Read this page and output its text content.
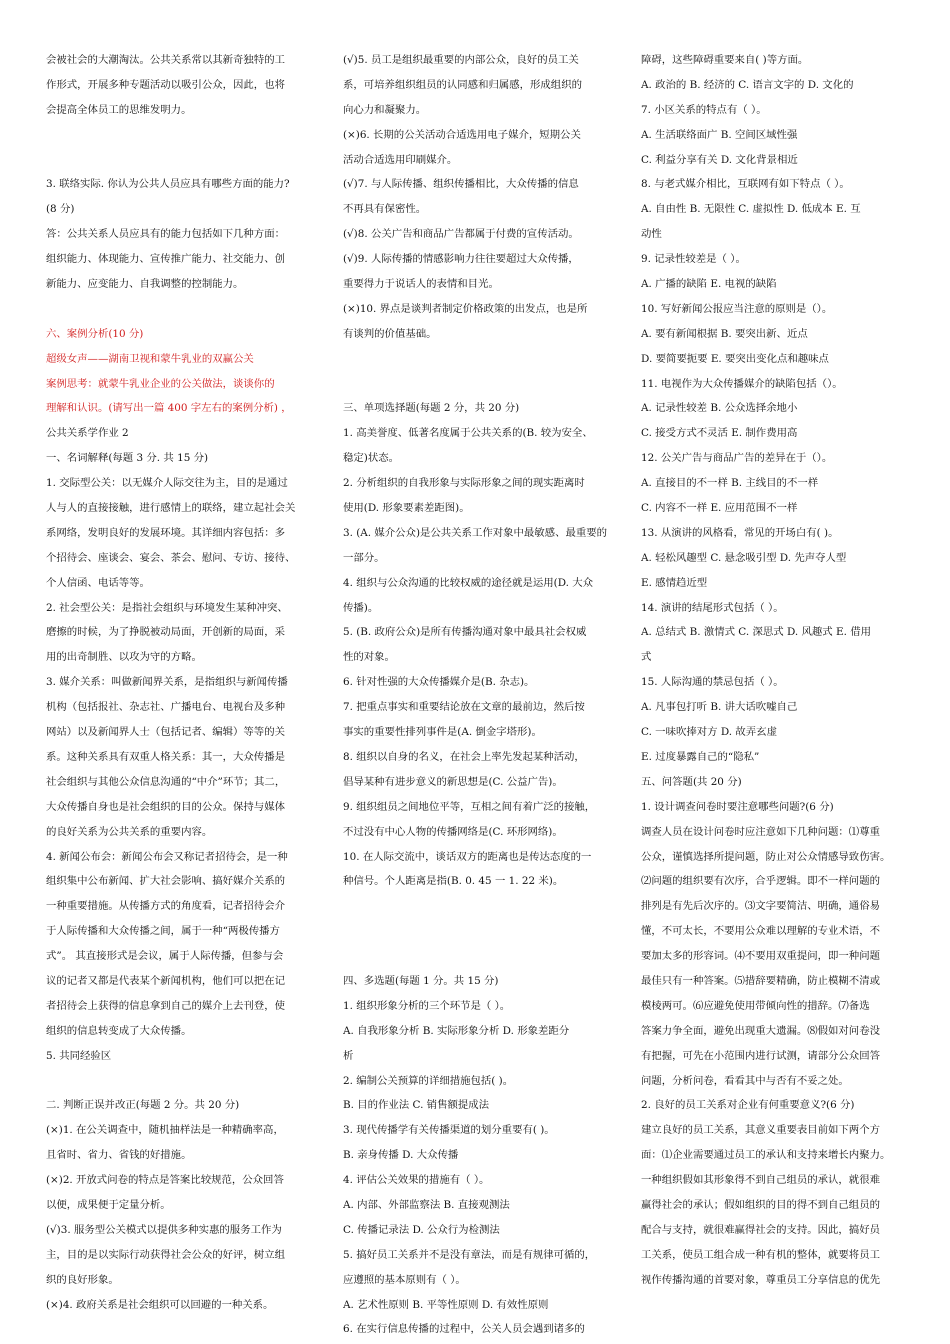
会被社会的大潮淘汰。公共关系常以其新奇独特的工
作形式，开展多种专题活动以吸引公众，因此，也将
会提高全体员工的思维发明力。
3. 联络实际. 你认为公共人员应具有哪些方面的能力?
(8 分)
答：公共关系人员应具有的能力包括如下几种方面：
组织能力、体现能力、宣传推广能力、社交能力、创
新能力、应变能力、自我调整的控制能力。
六、案例分析(10 分)
超级女声——湖南卫视和蒙牛乳业的双赢公关
案例思考：就蒙牛乳业企业的公关做法，谈谈你的
理解和认识。(请写出一篇 400 字左右的案例分析) ，
公共关系学作业 2
一、名词解释(每题 3 分. 共 15 分)
1. 交际型公关：以无媒介人际交往为主，目的是通过
人与人的直接接触，进行感情上的联络，建立起社会关
系网络，发明良好的发展环境。其详细内容包括：多
个招待会、座谈会、宴会、茶会、慰问、专访、接待、
个人信函、电话等等。
2. 社会型公关：是指社会组织与环境发生某种冲突、
磨擦的时候，为了挣脱被动局面，开创新的局面，采
用的出奇制胜、以攻为守的方略。
3. 媒介关系：叫做新闻界关系，是指组织与新闻传播
机构（包括报社、杂志社、广播电台、电视台及多种
网站）以及新闻界人士（包括记者、编辑）等等的关
系。这种关系具有双重人格关系：其一，大众传播是
社会组织与其他公众信息沟通的“中介”环节；其二，
大众传播自身也是社会组织的目的公众。保持与媒体
的良好关系为公共关系的重要内容。
4. 新闻公布会：新闻公布会又称记者招待会，是一种
组织集中公布新闻、扩大社会影响、搞好媒介关系的
一种重要措施。从传播方式的角度看，记者招待会介
于人际传播和大众传播之间，属于一种“两极传播方
式”。 其直接形式是会议，属于人际传播，但参与会
议的记者又都是代表某个新闻机构，他们可以把在记
者招待会上获得的信息拿到自己的媒介上去刊登，使
组织的信息转变成了大众传播。
5. 共同经验区
二. 判断正误并改正(每题 2 分。共 20 分)
(×)1. 在公关调查中，随机抽样法是一种精确率高，
且省时、省力、省钱的好措施。
(×)2. 开放式问卷的特点是答案比较规范，公众回答
以便，成果便于定量分析。
(√)3. 服务型公关模式以提供多种实惠的服务工作为
主，目的是以实际行动获得社会公众的好评，树立组
织的良好形象。
(×)4. 政府关系是社会组织可以回避的一种关系。
(√)5. 员工是组织最重要的内部公众，良好的员工关
系，可培养组织组员的认同感和归属感，形成组织的
向心力和凝聚力。
(×)6. 长期的公关活动合适选用电子媒介，短期公关
活动合适选用印刷媒介。
(√)7. 与人际传播、组织传播相比，大众传播的信息
不再具有保密性。
(√)8. 公关广告和商品广告都属于付费的宣传活动。
(√)9. 人际传播的情感影响力往往要超过大众传播，
重要得力于说话人的表情和目光。
(×)10. 界点是谈判者制定价格政策的出发点，也是所
有谈判的价值基础。
三、单项选择题(每题 2 分，共 20 分)
1. 高美誉度、低著名度属于公共关系的(B. 较为安全、
稳定)状态。
2. 分析组织的自我形象与实际形象之间的现实距离时
使用(D. 形象要素差距图)。
3. (A. 媒介公众)是公共关系工作对象中最敏感、最重要的
一部分。
4. 组织与公众沟通的比较权威的途径就是运用(D. 大众
传播)。
5. (B. 政府公众)是所有传播沟通对象中最具社会权威
性的对象。
6. 针对性强的大众传播媒介是(B. 杂志)。
7. 把重点事实和重要结论放在文章的最前边，然后按
事实的重要性排列事件是(A. 倒金字塔形)。
8. 组织以自身的名义，在社会上率先发起某种活动，
倡导某种有进步意义的新思想是(C. 公益广告)。
9. 组织组员之间地位平等，互相之间有着广泛的接触，
不过没有中心人物的传播网络是(C. 环形网络)。
10. 在人际交流中，谈话双方的距离也是传达态度的一
种信号。个人距离是指(B. 0. 45 一 1. 22 米)。
四、多选题(每题 1 分。共 15 分)
1. 组织形象分析的三个环节是（ ）。
A. 自我形象分析 B. 实际形象分析 D. 形象差距分
析
2. 编制公关预算的详细措施包括( )。
B. 目的作业法 C. 销售额提成法
3. 现代传播学有关传播渠道的划分重要有( )。
B. 亲身传播 D. 大众传播
4. 评估公关效果的措施有（ ）。
A. 内部、外部监察法 B. 直接观测法
C. 传播记录法 D. 公众行为检测法
5. 搞好员工关系并不是没有章法，而是有规律可循的，
应遵照的基本原则有（ ）。
A. 艺术性原则 B. 平等性原则 D. 有效性原则
6. 在实行信息传播的过程中，公关人员会遇到诸多的
障碍，这些障碍重要来自( )等方面。
A. 政治的 B. 经济的 C. 语言文字的 D. 文化的
7. 小区关系的特点有（ ）。
A. 生活联络面广 B. 空间区域性强
C. 利益分享有关 D. 文化背景相近
8. 与老式媒介相比，互联网有如下特点（ ）。
A. 自由性 B. 无限性 C. 虚拟性 D. 低成本 E. 互
动性
9. 记录性较差是（ ）。
A. 广播的缺陷 E. 电视的缺陷
10. 写好新闻公报应当注意的原则是（）。
A. 要有新闻根据 B. 要突出新、近点
D. 要简要扼要 E. 要突出变化点和趣味点
11. 电视作为大众传播媒介的缺陷包括（）。
A. 记录性较差 B. 公众选择余地小
C. 接受方式不灵活 E. 制作费用高
12. 公关广告与商品广告的差异在于（）。
A. 直接目的不一样 B. 主线目的不一样
C. 内容不一样 E. 应用范围不一样
13. 从演讲的风格看，常见的开场白有( )。
A. 轻松风趣型 C. 悬念吸引型 D. 先声夺人型
E. 感情趋近型
14. 演讲的结尾形式包括（ ）。
A. 总结式 B. 激情式 C. 深思式 D. 风趣式 E. 借用
式
15. 人际沟通的禁忌包括（ ）。
A. 凡事包打听 B. 讲大话吹嘘自己
C. 一味吹捧对方 D. 故弄玄虚
E. 过度暴露自己的“隐私”
五、问答题(共 20 分)
1. 设计调查问卷时要注意哪些问题?(6 分)
调查人员在设计问卷时应注意如下几种问题：⑴尊重
公众，谨慎选择所提问题，防止对公众情感导致伤害。
⑵问题的组织要有次序，合乎逻辑。即不一样问题的
排列是有先后次序的。⑶文字要简洁、明确，通俗易
懂，不可太长，不要用公众难以理解的专业术语，不
要加太多的形容词。⑷不要用双重提问，即一种问题
最佳只有一种答案。⑸措辞要精确，防止模糊不清或
模棱两可。⑹应避免使用带倾向性的措辞。⑺备选
答案力争全面，避免出现重大遗漏。⑻假如对问卷没
有把握，可先在小范围内进行试测，请部分公众回答
问题，分析问卷，看看其中与否有不妥之处。
2. 良好的员工关系对企业有何重要意义?(6 分)
建立良好的员工关系，其意义重要表目前如下两个方
面：⑴企业需要通过员工的承认和支持来增长内聚力。
一种组织假如其形象得不到自己组员的承认，就很难
赢得社会的承认；假如组织的目的得不到自己组员的
配合与支持，就很难赢得社会的支持。因此，搞好员
工关系，使员工组合成一种有机的整体，就要将员工
视作传播沟通的首要对象，尊重员工分享信息的优先
